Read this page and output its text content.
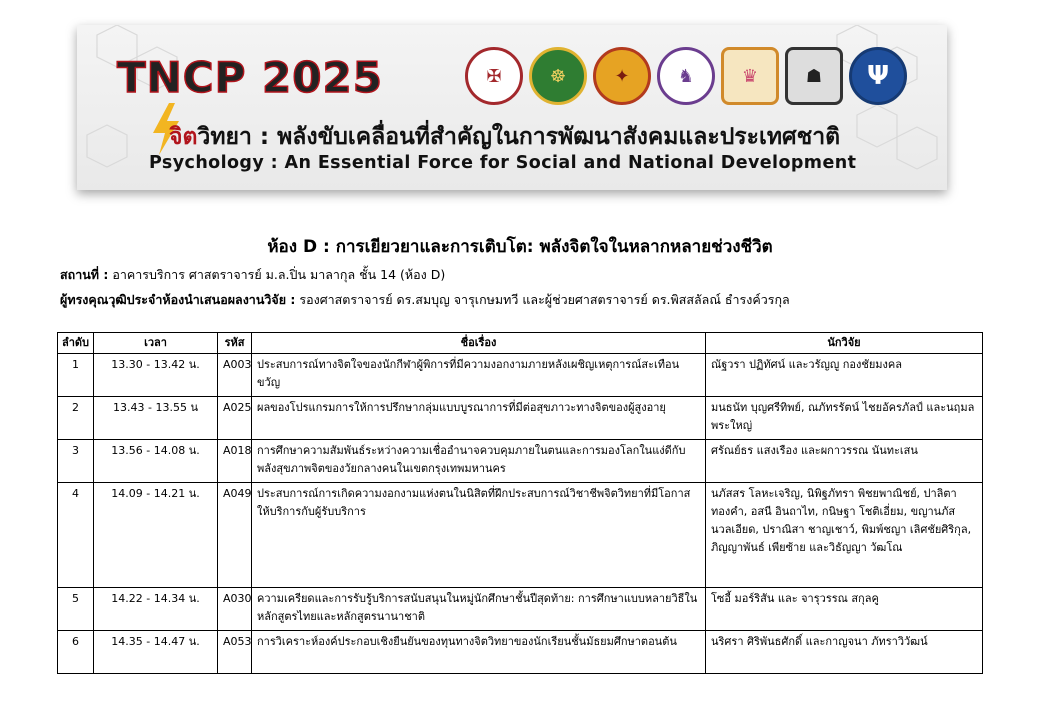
TNCP 2025	✠	☸	✦	♞	♛	☗	Ψ
จิตวิทยา : พลังขับเคลื่อนที่สำคัญในการพัฒนาสังคมและประเทศชาติ
Psychology : An Essential Force for Social and National Development
ห้อง D : การเยียวยาและการเติบโต: พลังจิตใจในหลากหลายช่วงชีวิต
สถานที่ : อาคารบริการ ศาสตราจารย์ ม.ล.ปิ่น มาลากุล ชั้น 14 (ห้อง D)
ผู้ทรงคุณวุฒิประจำห้องนำเสนอผลงานวิจัย : รองศาสตราจารย์ ดร.สมบุญ จารุเกษมทวี และผู้ช่วยศาสตราจารย์ ดร.พิสสลัลณ์ ธำรงค์วรกุล
ลำดับ	เวลา	รหัส	ชื่อเรื่อง	นักวิจัย
1	13.30 - 13.42 น.	A003	ประสบการณ์ทางจิตใจของนักกีฬาผู้พิการที่มีความงอกงามภายหลังเผชิญเหตุการณ์สะเทือนขวัญ	ณัฐวรา ปฏิทัศน์ และวรัญญู กองชัยมงคล
2	13.43 - 13.55 น	A025	ผลของโปรแกรมการให้การปรึกษากลุ่มแบบบูรณาการที่มีต่อสุขภาวะทางจิตของผู้สูงอายุ	มนธนัท บุญศรีทิพย์, ณภัทรรัตน์ ไชยอัครภัลป์ และนฤมล พระใหญ่
3	13.56 - 14.08 น.	A018	การศึกษาความสัมพันธ์ระหว่างความเชื่ออำนาจควบคุมภายในตนและการมองโลกในแง่ดีกับพลังสุขภาพจิตของวัยกลางคนในเขตกรุงเทพมหานคร	ศรัณย์ธร แสงเรือง และผกาวรรณ นันทะเสน
4	14.09 - 14.21 น.	A049	ประสบการณ์การเกิดความงอกงามแห่งตนในนิสิตที่ฝึกประสบการณ์วิชาชีพจิตวิทยาที่มีโอกาสให้บริการกับผู้รับบริการ	นภัสสร โลหะเจริญ, นิพิฐภัทรา พิชยพาณิชย์, ปาลิตา ทองคำ, อสนี อินถาไท, กนิษฐา โชติเอี่ยม, ขญานภัส นวลเอียด, ปราณิสา ชาญเชาว์, พิมพ์ชญา เลิศชัยศิริกุล, ภิญญาพันธ์ เพียซ้าย และวิธัญญา วัฒโณ
5	14.22 - 14.34 น.	A030	ความเครียดและการรับรู้บริการสนับสนุนในหมู่นักศึกษาชั้นปีสุดท้าย: การศึกษาแบบหลายวิธีในหลักสูตรไทยและหลักสูตรนานาชาติ	โซอี้ มอร์ริสัน และ จารุวรรณ สกุลคู
6	14.35 - 14.47 น.	A053	การวิเคราะห์องค์ประกอบเชิงยืนยันของทุนทางจิตวิทยาของนักเรียนชั้นมัธยมศึกษาตอนต้น	นริศรา ศิริพันธศักดิ์ และกาญจนา ภัทราวิวัฒน์
